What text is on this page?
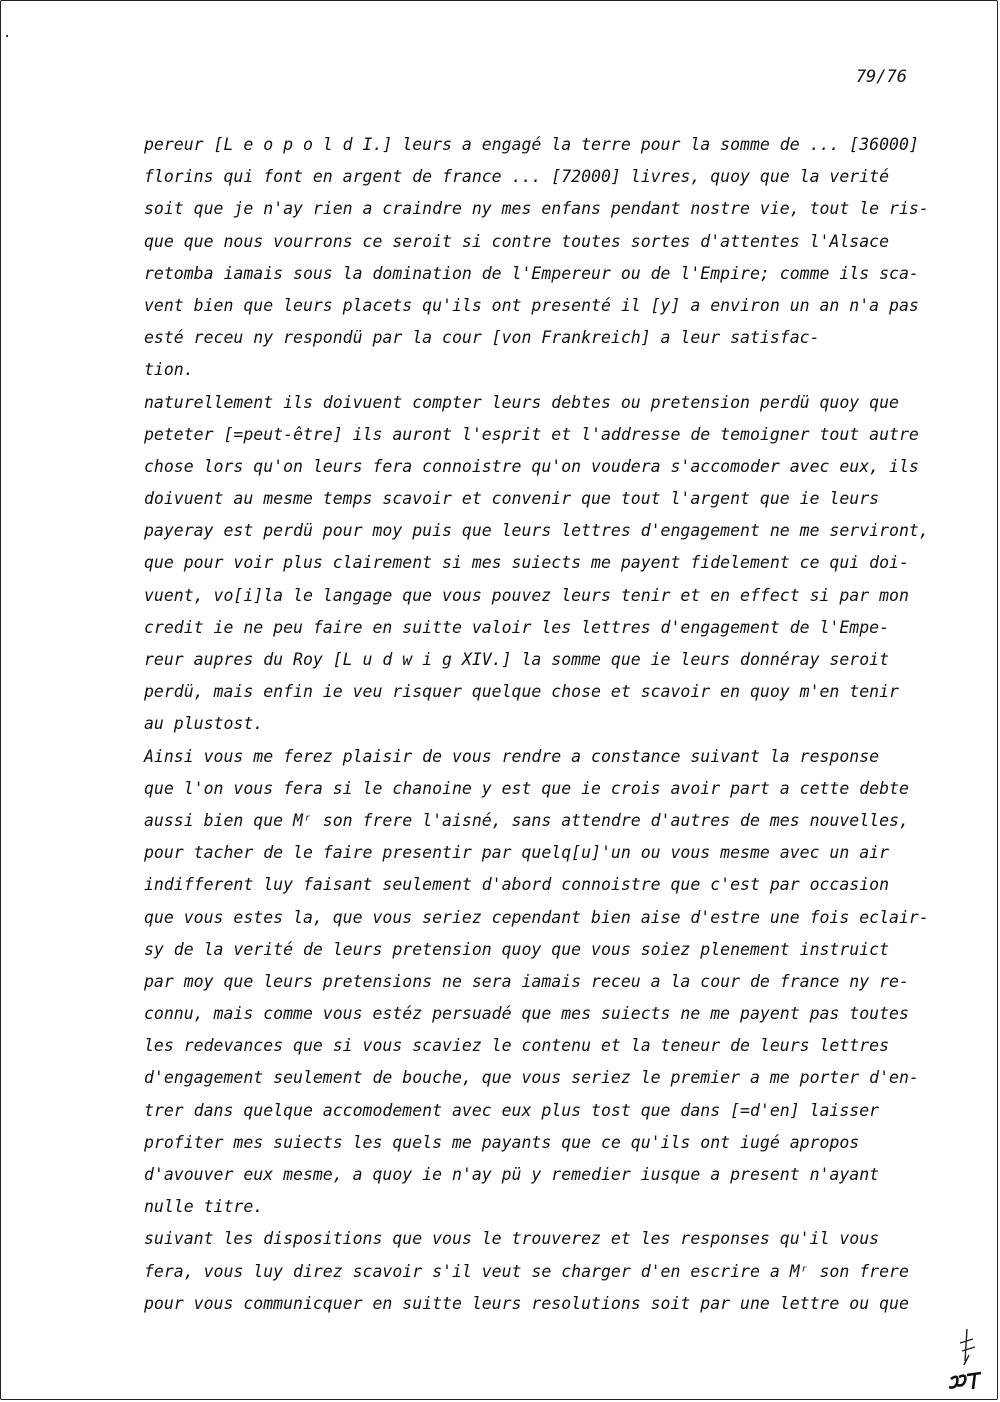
79/76
pereur [L e o p o l d I.] leurs a engagé la terre pour la somme de ... [36000]
florins qui font en argent de france ... [72000] livres, quoy que la verité
soit que je n'ay rien a craindre ny mes enfans pendant nostre vie, tout le ris-
que que nous vourrons ce seroit si contre toutes sortes d'attentes l'Alsace
retomba iamais sous la domination de l'Empereur ou de l'Empire; comme ils sca-
vent bien que leurs placets qu'ils ont presenté il [y] a environ un an n'a pas
esté receu ny respondü par la cour [von Frankreich] a leur satisfac-
tion.
naturellement ils doivuent compter leurs debtes ou pretension perdü quoy que
peteter [=peut-être] ils auront l'esprit et l'addresse de temoigner tout autre
chose lors qu'on leurs fera connoistre qu'on voudera s'accomoder avec eux, ils
doivuent au mesme temps scavoir et convenir que tout l'argent que ie leurs
payeray est perdü pour moy puis que leurs lettres d'engagement ne me serviront,
que pour voir plus clairement si mes suiects me payent fidelement ce qui doi-
vuent, vo[i]la le langage que vous pouvez leurs tenir et en effect si par mon
credit ie ne peu faire en suitte valoir les lettres d'engagement de l'Empe-
reur aupres du Roy [L u d w i g XIV.] la somme que ie leurs donnéray seroit
perdü, mais enfin ie veu risquer quelque chose et scavoir en quoy m'en tenir
au plustost.
Ainsi vous me ferez plaisir de vous rendre a constance suivant la response
que l'on vous fera si le chanoine y est que ie crois avoir part a cette debte
aussi bien que Mʳ son frere l'aisné, sans attendre d'autres de mes nouvelles,
pour tacher de le faire presentir par quelq[u]'un ou vous mesme avec un air
indifferent luy faisant seulement d'abord connoistre que c'est par occasion
que vous estes la, que vous seriez cependant bien aise d'estre une fois eclair-
sy de la verité de leurs pretension quoy que vous soiez plenement instruict
par moy que leurs pretensions ne sera iamais receu a la cour de france ny re-
connu, mais comme vous estéz persuadé que mes suiects ne me payent pas toutes
les redevances que si vous scaviez le contenu et la teneur de leurs lettres
d'engagement seulement de bouche, que vous seriez le premier a me porter d'en-
trer dans quelque accomodement avec eux plus tost que dans [=d'en] laisser
profiter mes suiects les quels me payants que ce qu'ils ont iugé apropos
d'avouver eux mesme, a quoy ie n'ay pü y remedier iusque a present n'ayant
nulle titre.
suivant les dispositions que vous le trouverez et les responses qu'il vous
fera, vous luy direz scavoir s'il veut se charger d'en escrire a Mʳ son frere
pour vous communicquer en suitte leurs resolutions soit par une lettre ou que
